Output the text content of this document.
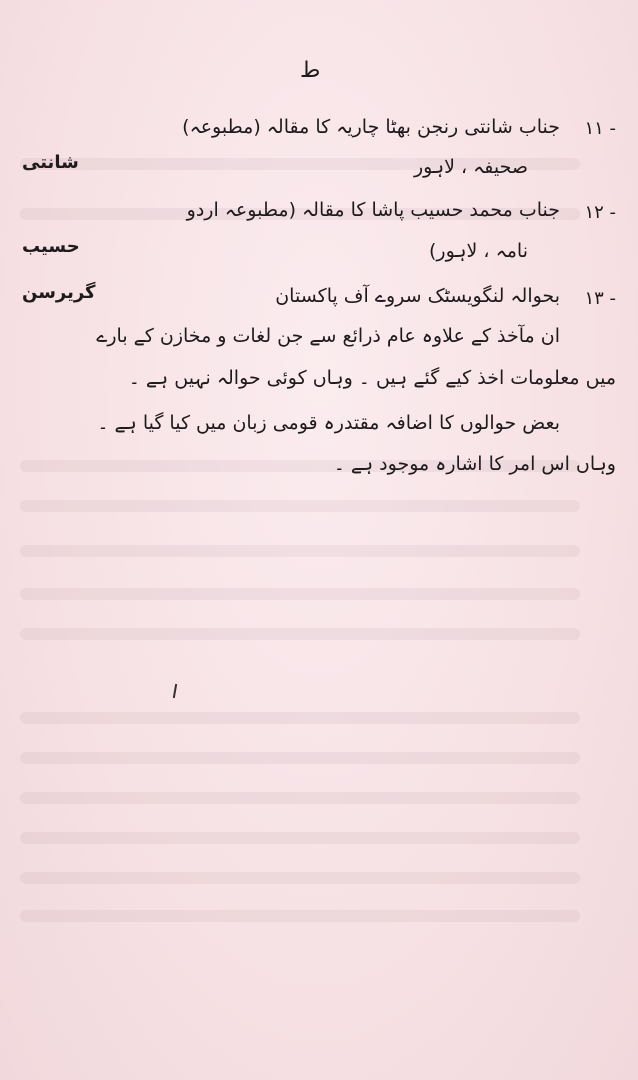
ط
۱۱ -
جناب شانتی رنجن بھٹا چاریہ کا مقالہ (مطبوعہ)
صحیفہ ، لاہور
شانتی
۱۲ -
جناب محمد حسیب پاشا کا مقالہ (مطبوعہ اردو
نامہ ، لاہور)
حسیب
۱۳ -
بحوالہ لنگویسٹک سروے آف پاکستان
گریرسن
ان مآخذ کے علاوہ عام ذرائع سے جن لغات و مخازن کے بارے
میں معلومات اخذ کیے گئے ہیں ۔ وہاں کوئی حوالہ نہیں ہے ۔
بعض حوالوں کا اضافہ مقتدرہ قومی زبان میں کیا گیا ہے ۔
وہاں اس امر کا اشارہ موجود ہے ۔
